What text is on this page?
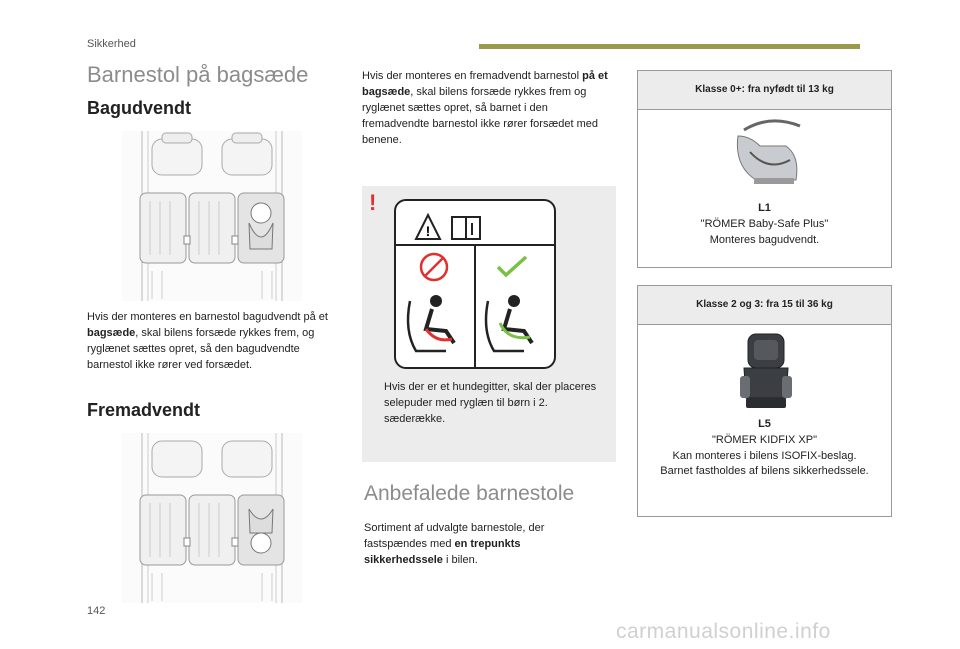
Sikkerhed
Barnestol på bagsæde
Bagudvendt
Hvis der monteres en barnestol bagudvendt på et bagsæde, skal bilens forsæde rykkes frem, og ryglænet sættes opret, så den bagudvendte barnestol ikke rører ved forsædet.
Fremadvendt
Hvis der monteres en fremadvendt barnestol på et bagsæde, skal bilens forsæde rykkes frem og ryglænet sættes opret, så barnet i den fremadvendte barnestol ikke rører forsædet med benene.
!
!
Hvis der er et hundegitter, skal der placeres selepuder med ryglæn til børn i 2. sæderække.
Anbefalede barnestole
Sortiment af udvalgte barnestole, der fastspændes med en trepunkts sikkerhedssele i bilen.
Klasse 0+: fra nyfødt til 13 kg
L1
"RÖMER Baby-Safe Plus"
Monteres bagudvendt.
Klasse 2 og 3: fra 15 til 36 kg
L5
"RÖMER KIDFIX XP"
Kan monteres i bilens ISOFIX-beslag.
Barnet fastholdes af bilens sikkerhedssele.
142
carmanualsonline.info
